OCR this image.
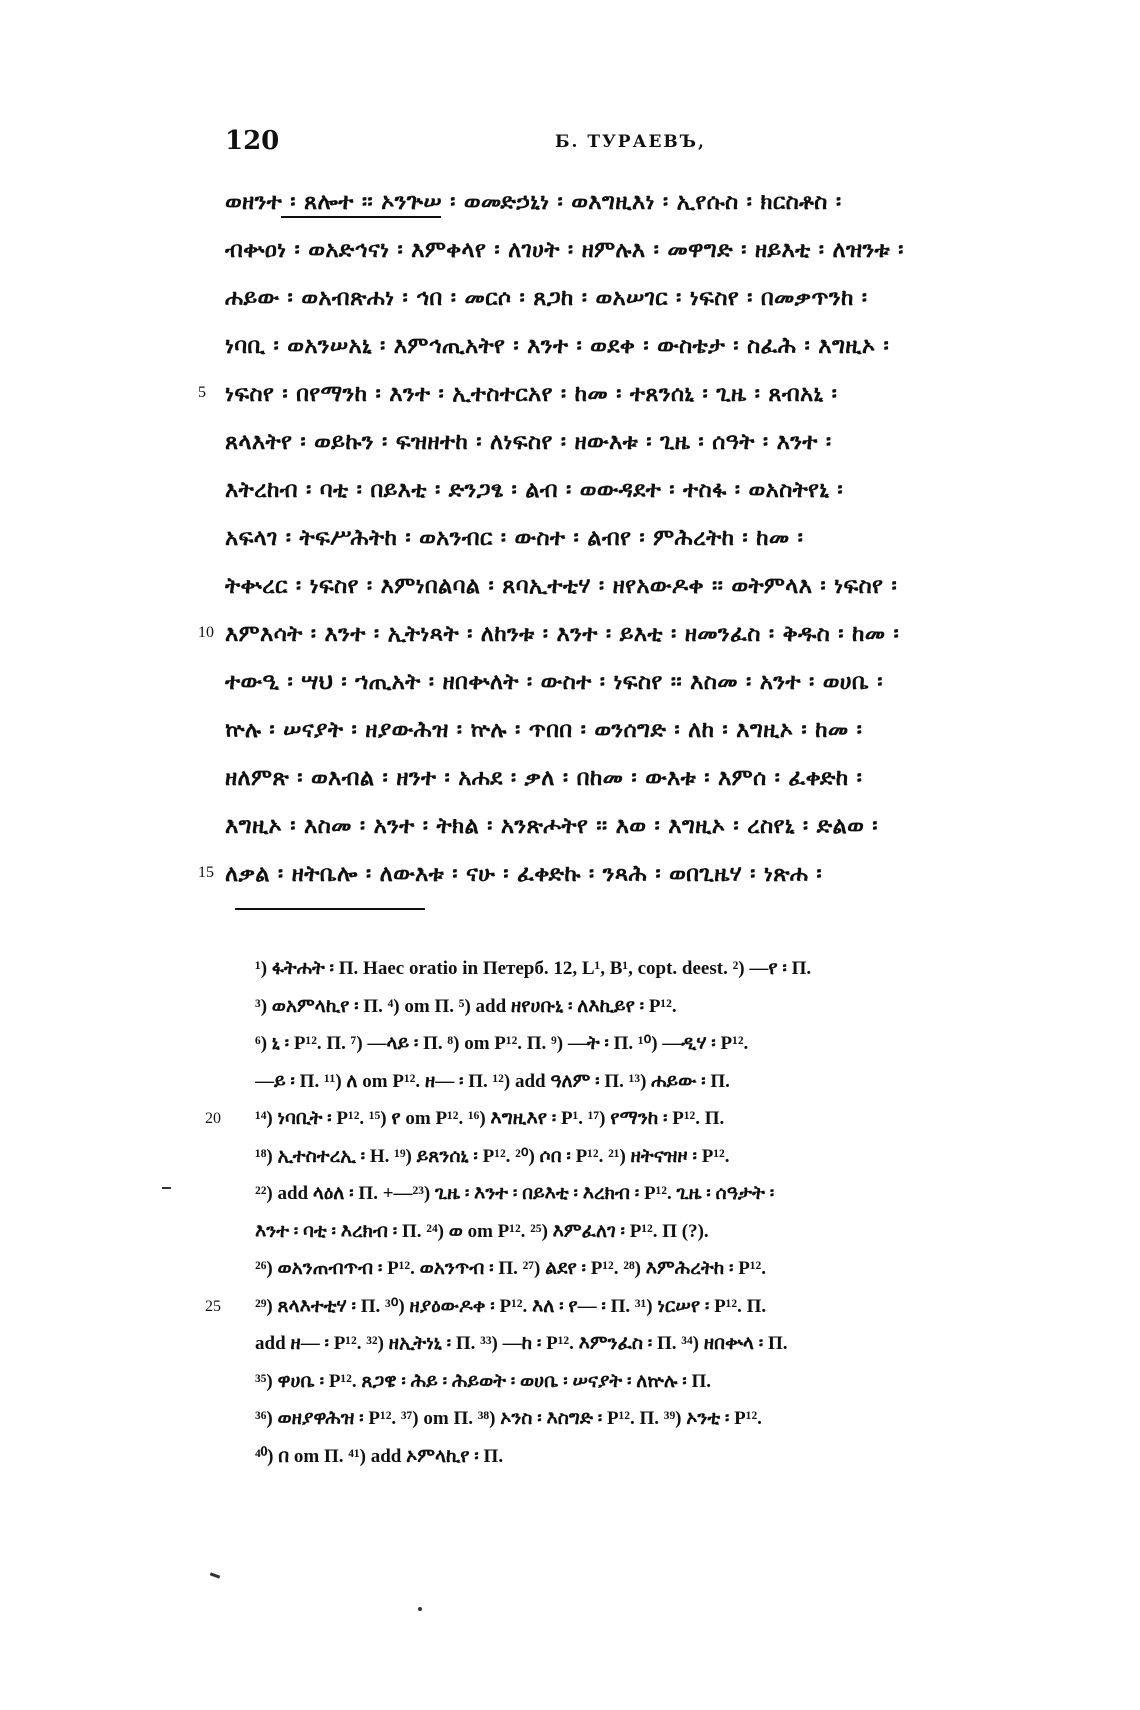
120	Б. ТУРАЕВЪ,
ወዘንተ ፡ ጸሎተ ፡፡ ኦንጕሠ ፡ ወመድኃኒነ ፡ ወእግዚእነ ፡ ኢየሱስ ፡ ክርስቶስ ፡
ብቍዐነ ፡ ወአድኅናነ ፡ እምቀላየ ፡ ለገሀት ፡ ዘምሉእ ፡ መዋግድ ፡ ዘይእቲ ፡ ለዝንቱ ፡
ሐይው ፡ ወአብጽሐነ ፡ ኅበ ፡ መርሶ ፡ ጸጋከ ፡ ወአሠገር ፡ ነፍስየ ፡ በመቃጥንከ ፡
ነባቢ ፡ ወአንሠአኒ ፡ እምኅጢአትየ ፡ እንተ ፡ ወደቀ ፡ ውስቴታ ፡ ስፈሕ ፡ እግዚኦ ፡
5 ነፍስየ ፡ በየማንከ ፡ እንተ ፡ ኢተስተርአየ ፡ ከመ ፡ ተጸንሰኒ ፡ ጊዜ ፡ ጸብአኒ ፡
ጸላእትየ ፡ ወይኩን ፡ ፍዝዘተከ ፡ ለነፍስየ ፡ ዘውእቱ ፡ ጊዜ ፡ ሰዓት ፡ እንተ ፡
እትረከብ ፡ ባቲ ፡ በይእቲ ፡ ድንጋፄ ፡ ልብ ፡ ወውዳደተ ፡ ተስፋ ፡ ወአስትየኒ ፡
አፍላገ ፡ ትፍሥሕትከ ፡ ወአንብር ፡ ውስተ ፡ ልብየ ፡ ምሕረትከ ፡ ከመ ፡
ትቍረር ፡ ነፍስየ ፡ እምነበልባል ፡ ጸባኢተቲሃ ፡ ዘየአውዶቀ ፡፡ ወትምላእ ፡ ነፍስየ ፡
10 እምእሳት ፡ እንተ ፡ ኢትነጻት ፡ ለከንቱ ፡ እንተ ፡ ይእቲ ፡ ዘመንፈስ ፡ ቅዱስ ፡ ከመ ፡
ተውዒ ፡ ሣህ ፡ ኀጢአት ፡ ዘበቍለት ፡ ውስተ ፡ ነፍስየ ፡፡ እስመ ፡ አንተ ፡ ወሀቤ ፡
ኵሉ ፡ ሠናያት ፡ ዘያውሕዝ ፡ ኵሉ ፡ ጥበበ ፡ ወንሰግድ ፡ ለከ ፡ እግዚኦ ፡ ከመ ፡
ዘለምጽ ፡ ወእብል ፡ ዘንተ ፡ አሐደ ፡ ቃለ ፡ በከመ ፡ ውእቱ ፡ እምሰ ፡ ፈቀድከ ፡
እግዚኦ ፡ እስመ ፡ አንተ ፡ ትክል ፡ አንጽሖትየ ፡፡ እወ ፡ እግዚኦ ፡ ረስየኒ ፡ ድልወ ፡
15 ለቃል ፡ ዘትቤሎ ፡ ለውእቱ ፡ ናሁ ፡ ፈቀድኩ ፡ ንጻሕ ፡ ወበጊዜሃ ፡ ነጽሐ ፡
¹) ፋትሐት ፡ П. Haec oratio in Петерб. 12, L¹, B¹, copt. deest. ²) —የ ፡ П.
³) ወአምላኪየ ፡ П. ⁴) om П. ⁵) add ዘየሀቡኒ ፡ ለእኪይየ ፡ P¹².
⁶) ኒ ፡ P¹². П. ⁷) —ላይ ፡ П. ⁸) om P¹². П. ⁹) —ት ፡ П. ¹⁰) —ዲሃ ፡ P¹².
—ይ ፡ П. ¹¹) ለ om P¹². ዘ— ፡ П. ¹²) add ዓለም ፡ П. ¹³) ሐይው ፡ П.
20 ¹⁴) ነባቢት ፡ P¹². ¹⁵) የ om P¹². ¹⁶) እግዚእየ ፡ P¹. ¹⁷) የማንከ ፡ P¹². П.
¹⁸) ኢተስተረኢ ፡ Н. ¹⁹) ይጸንሰኒ ፡ P¹². ²⁰) ሶበ ፡ P¹². ²¹) ዘትናዝዞ ፡ P¹².
²²) add ላዕለ ፡ П. +—²³) ጊዜ ፡ እንተ ፡ በይእቲ ፡ እረክብ ፡ P¹². ጊዜ ፡ ሰዓታት ፡
እንተ ፡ ባቲ ፡ እረክብ ፡ П. ²⁴) ወ om P¹². ²⁵) እምፈለገ ፡ P¹². П (?).
²⁶) ወአንጠብጥብ ፡ P¹². ወአንጥብ ፡ П. ²⁷) ልደየ ፡ P¹². ²⁸) እምሕረትከ ፡ P¹².
25 ²⁹) ጸላእተቲሃ ፡ П. ³⁰) ዘያዕውዶቀ ፡ P¹². እለ ፡ የ— ፡ П. ³¹) ነርሠየ ፡ P¹². П.
add ዘ— ፡ P¹². ³²) ዘኢትነኒ ፡ П. ³³) —ከ ፡ P¹². እምንፈስ ፡ П. ³⁴) ዘበቍላ ፡ П.
³⁵) ዋሀቤ ፡ P¹². ጸጋዌ ፡ ሕይ ፡ ሕይወት ፡ ወሀቤ ፡ ሠናያት ፡ ለኵሉ ፡ П.
³⁶) ወዘያዋሕዝ ፡ P¹². ³⁷) om П. ³⁸) ኦንስ ፡ እስግድ ፡ P¹². П. ³⁹) ኦንቲ ፡ P¹².
⁴⁰) በ om П. ⁴¹) add ኦምላኪየ ፡ П.
